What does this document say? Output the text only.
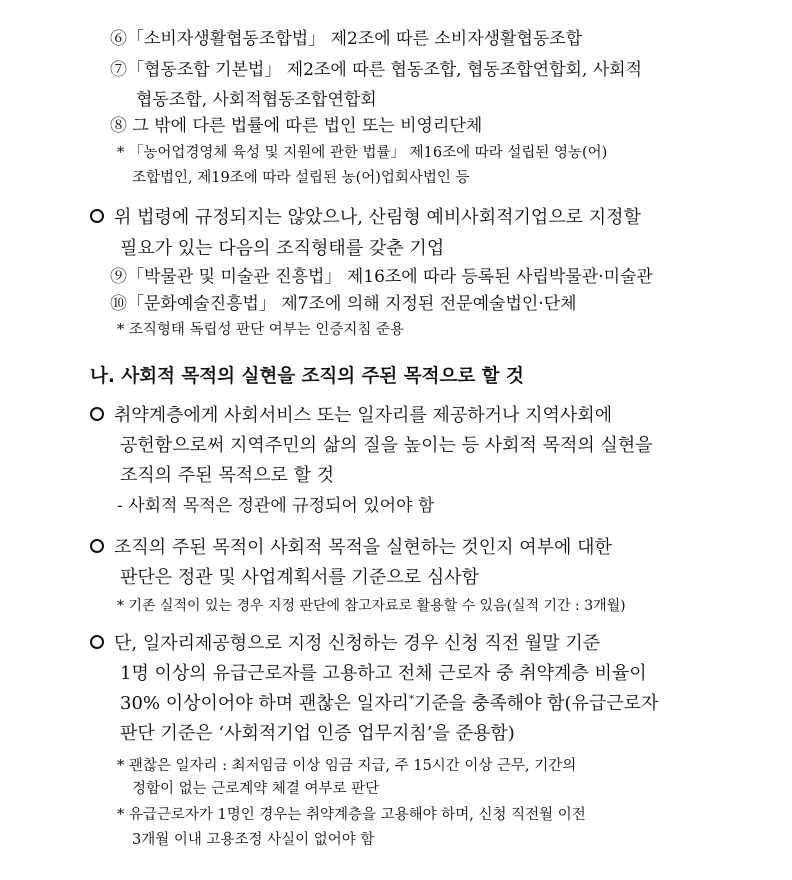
⑥「소비자생활협동조합법」 제2조에 따른 소비자생활협동조합
⑦「협동조합 기본법」 제2조에 따른 협동조합, 협동조합연합회, 사회적
협동조합, 사회적협동조합연합회
⑧ 그 밖에 다른 법률에 따른 법인 또는 비영리단체
* 「농어업경영체 육성 및 지원에 관한 법률」 제16조에 따라 설립된 영농(어)
조합법인, 제19조에 따라 설립된 농(어)업회사법인 등
위 법령에 규정되지는 않았으나, 산림형 예비사회적기업으로 지정할
필요가 있는 다음의 조직형태를 갖춘 기업
⑨「박물관 및 미술관 진흥법」 제16조에 따라 등록된 사립박물관·미술관
⑩「문화예술진흥법」 제7조에 의해 지정된 전문예술법인·단체
* 조직형태 독립성 판단 여부는 인증지침 준용
나. 사회적 목적의 실현을 조직의 주된 목적으로 할 것
취약계층에게 사회서비스 또는 일자리를 제공하거나 지역사회에
공헌함으로써 지역주민의 삶의 질을 높이는 등 사회적 목적의 실현을
조직의 주된 목적으로 할 것
- 사회적 목적은 정관에 규정되어 있어야 함
조직의 주된 목적이 사회적 목적을 실현하는 것인지 여부에 대한
판단은 정관 및 사업계획서를 기준으로 심사함
* 기존 실적이 있는 경우 지정 판단에 참고자료로 활용할 수 있음(실적 기간 : 3개월)
단, 일자리제공형으로 지정 신청하는 경우 신청 직전 월말 기준
1명 이상의 유급근로자를 고용하고 전체 근로자 중 취약계층 비율이
30% 이상이어야 하며 괜찮은 일자리*기준을 충족해야 함(유급근로자
판단 기준은 ‘사회적기업 인증 업무지침’을 준용함)
* 괜찮은 일자리 : 최저임금 이상 임금 지급, 주 15시간 이상 근무, 기간의
정함이 없는 근로계약 체결 여부로 판단
* 유급근로자가 1명인 경우는 취약계층을 고용해야 하며, 신청 직전월 이전
3개월 이내 고용조정 사실이 없어야 함
